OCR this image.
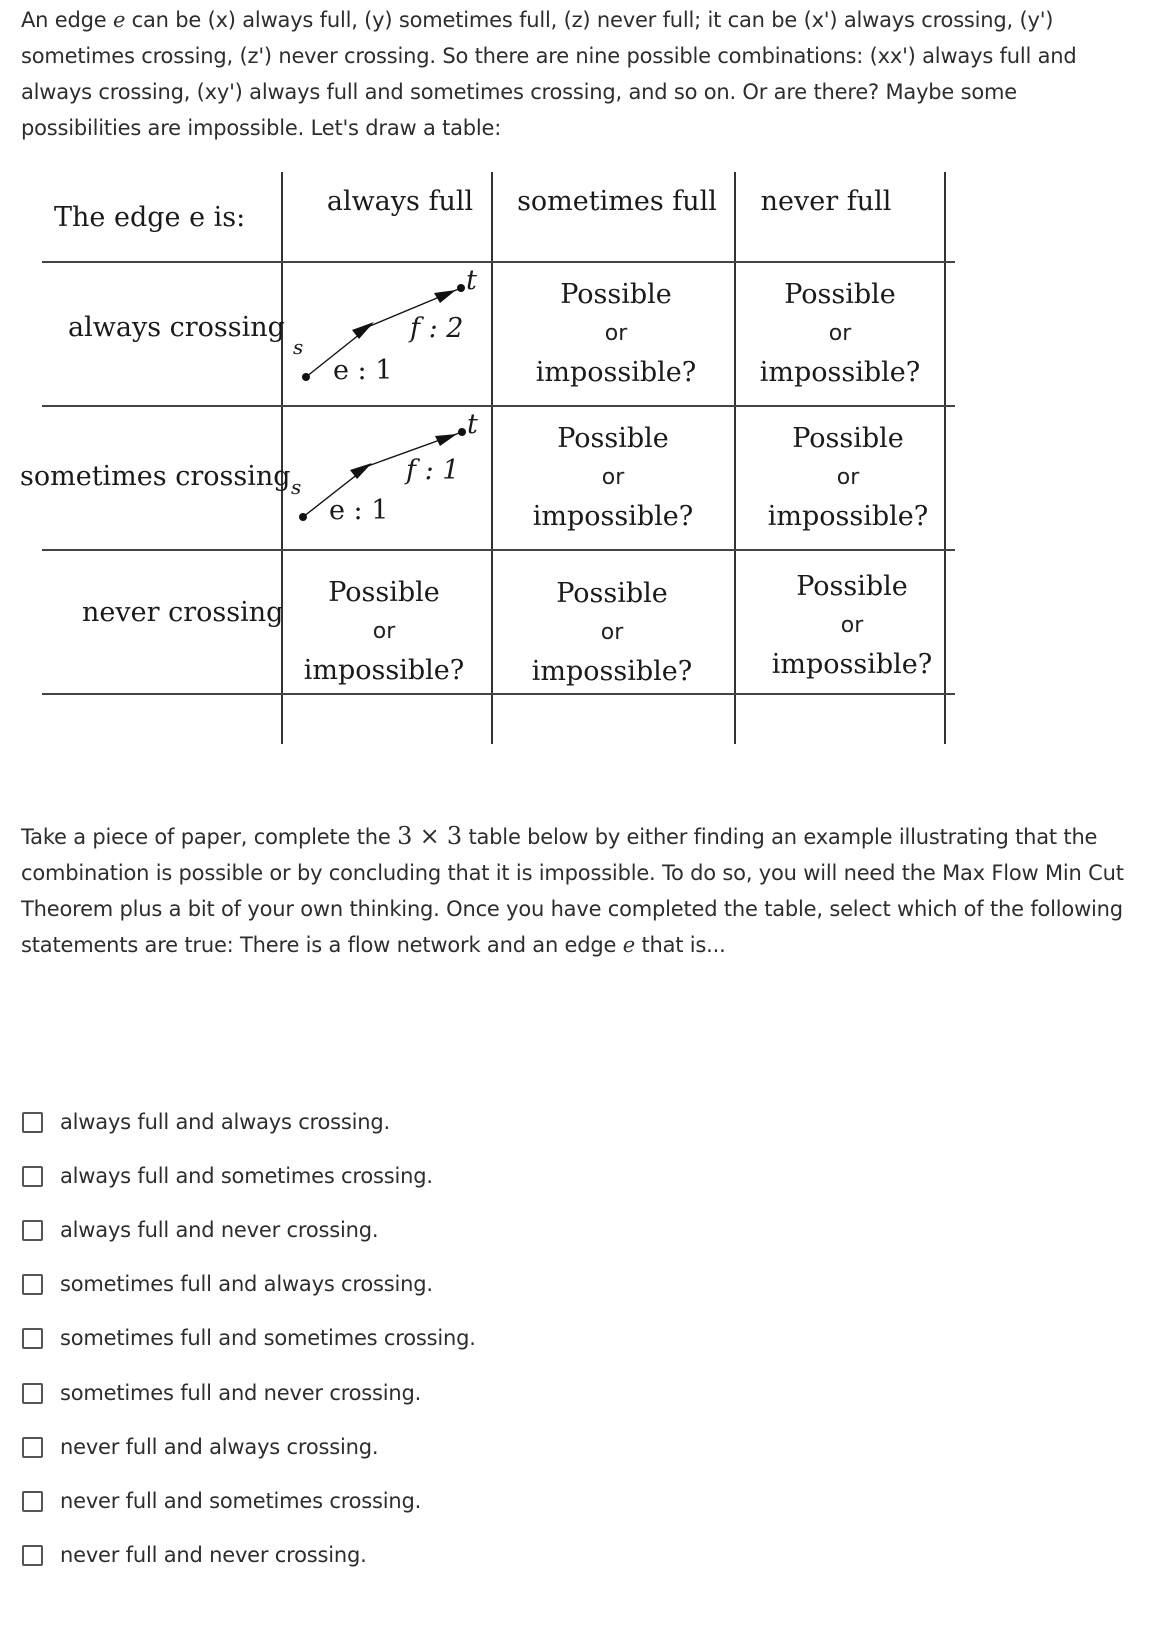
An edge e can be (x) always full, (y) sometimes full, (z) never full; it can be (x') always crossing, (y') sometimes crossing, (z') never crossing. So there are nine possible combinations: (xx') always full and always crossing, (xy') always full and sometimes crossing, and so on. Or are there? Maybe some possibilities are impossible. Let's draw a table:

The edge e is:
always full	sometimes full	never full
always crossing
sometimes crossing
never crossing
s
t
e : 1
f : 2
s
t
e : 1
f : 1
Possible
or
impossible?
Possible
or
impossible?
Possible
or
impossible?
Possible
or
impossible?
Possible
or
impossible?
Possible
or
impossible?
Possible
or
impossible?

Take a piece of paper, complete the 3 × 3 table below by either finding an example illustrating that the combination is possible or by concluding that it is impossible. To do so, you will need the Max Flow Min Cut Theorem plus a bit of your own thinking. Once you have completed the table, select which of the following statements are true: There is a flow network and an edge e that is...

always full and always crossing.
always full and sometimes crossing.
always full and never crossing.
sometimes full and always crossing.
sometimes full and sometimes crossing.
sometimes full and never crossing.
never full and always crossing.
never full and sometimes crossing.
never full and never crossing.
